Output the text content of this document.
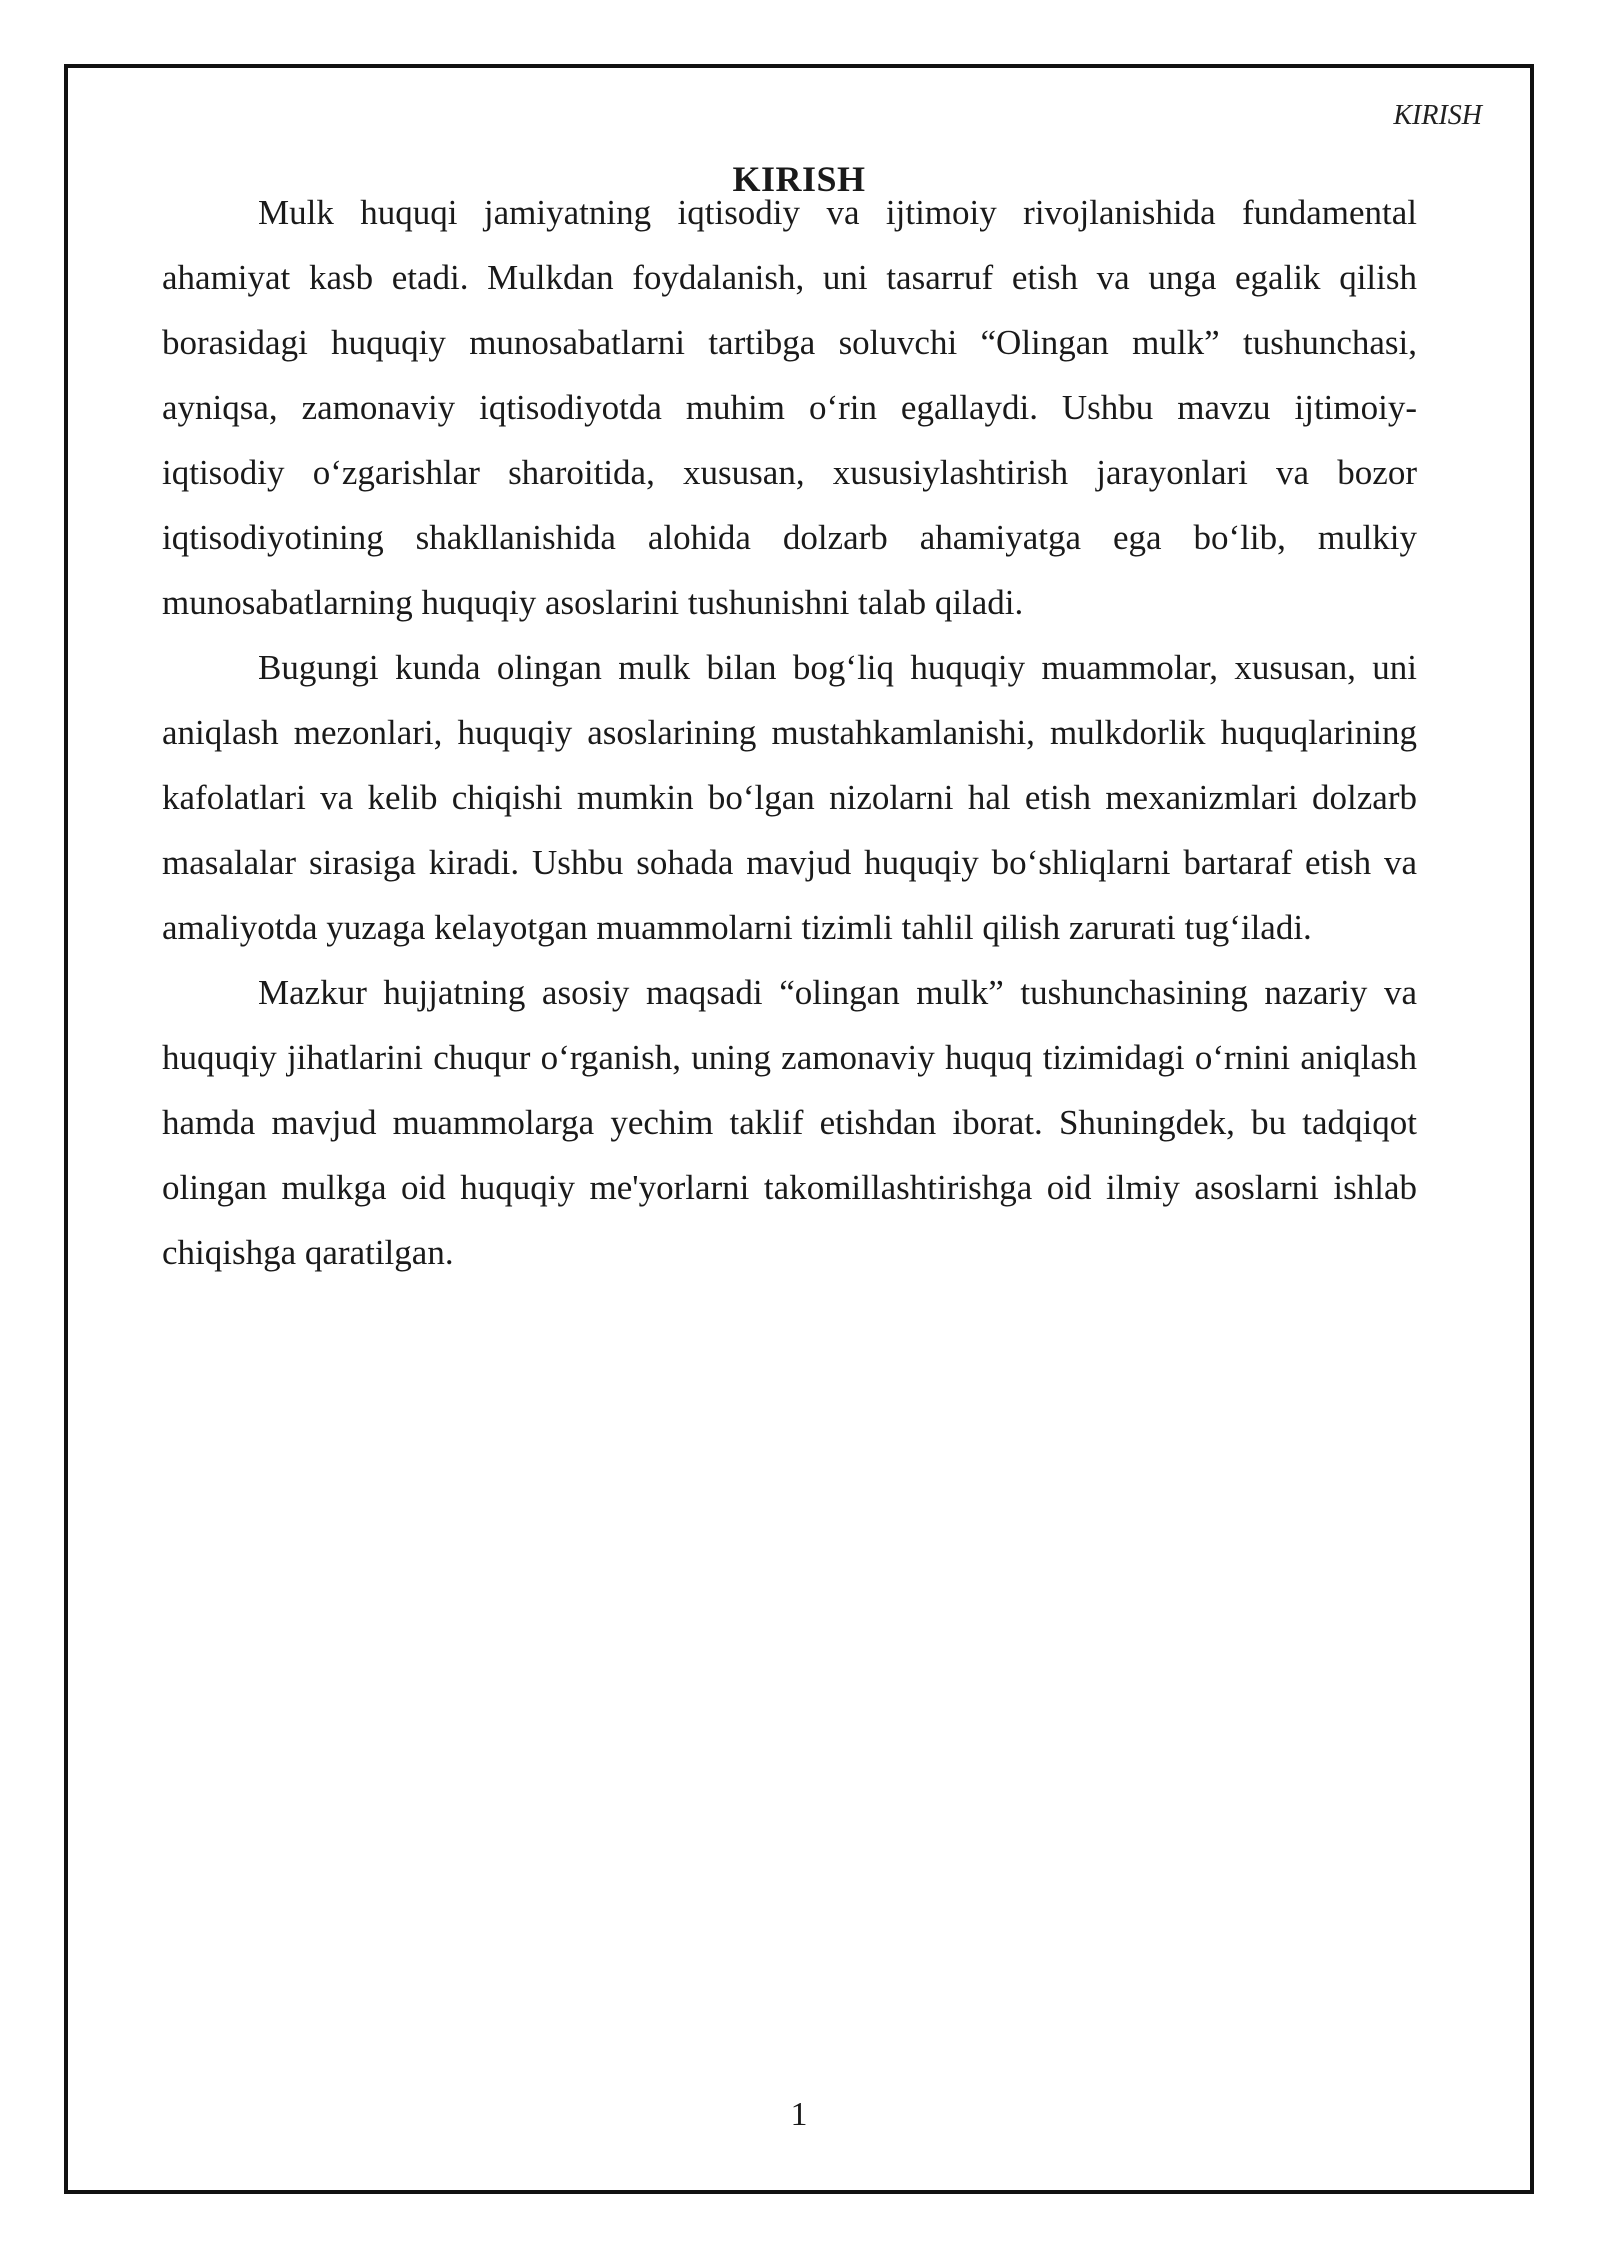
KIRISH
KIRISH
1

Mulk huquqi jamiyatning iqtisodiy va ijtimoiy rivojlanishida fundamental ahamiyat kasb etadi. Mulkdan foydalanish, uni tasarruf etish va unga egalik qilish borasidagi huquqiy munosabatlarni tartibga soluvchi “Olingan mulk” tushunchasi, ayniqsa, zamonaviy iqtisodiyotda muhim o‘rin egallaydi. Ushbu mavzu ijtimoiy-iqtisodiy o‘zgarishlar sharoitida, xususan, xususiylashtirish jarayonlari va bozor iqtisodiyotining shakllanishida alohida dolzarb ahamiyatga ega bo‘lib, mulkiy munosabatlarning huquqiy asoslarini tushunishni talab qiladi.

Bugungi kunda olingan mulk bilan bog‘liq huquqiy muammolar, xususan, uni aniqlash mezonlari, huquqiy asoslarining mustahkamlanishi, mulkdorlik huquqlarining kafolatlari va kelib chiqishi mumkin bo‘lgan nizolarni hal etish mexanizmlari dolzarb masalalar sirasiga kiradi. Ushbu sohada mavjud huquqiy bo‘shliqlarni bartaraf etish va amaliyotda yuzaga kelayotgan muammolarni tizimli tahlil qilish zarurati tug‘iladi.

Mazkur hujjatning asosiy maqsadi “olingan mulk” tushunchasining nazariy va huquqiy jihatlarini chuqur o‘rganish, uning zamonaviy huquq tizimidagi o‘rnini aniqlash hamda mavjud muammolarga yechim taklif etishdan iborat. Shuningdek, bu tadqiqot olingan mulkga oid huquqiy me'yorlarni takomillashtirishga oid ilmiy asoslarni ishlab chiqishga qaratilgan.
